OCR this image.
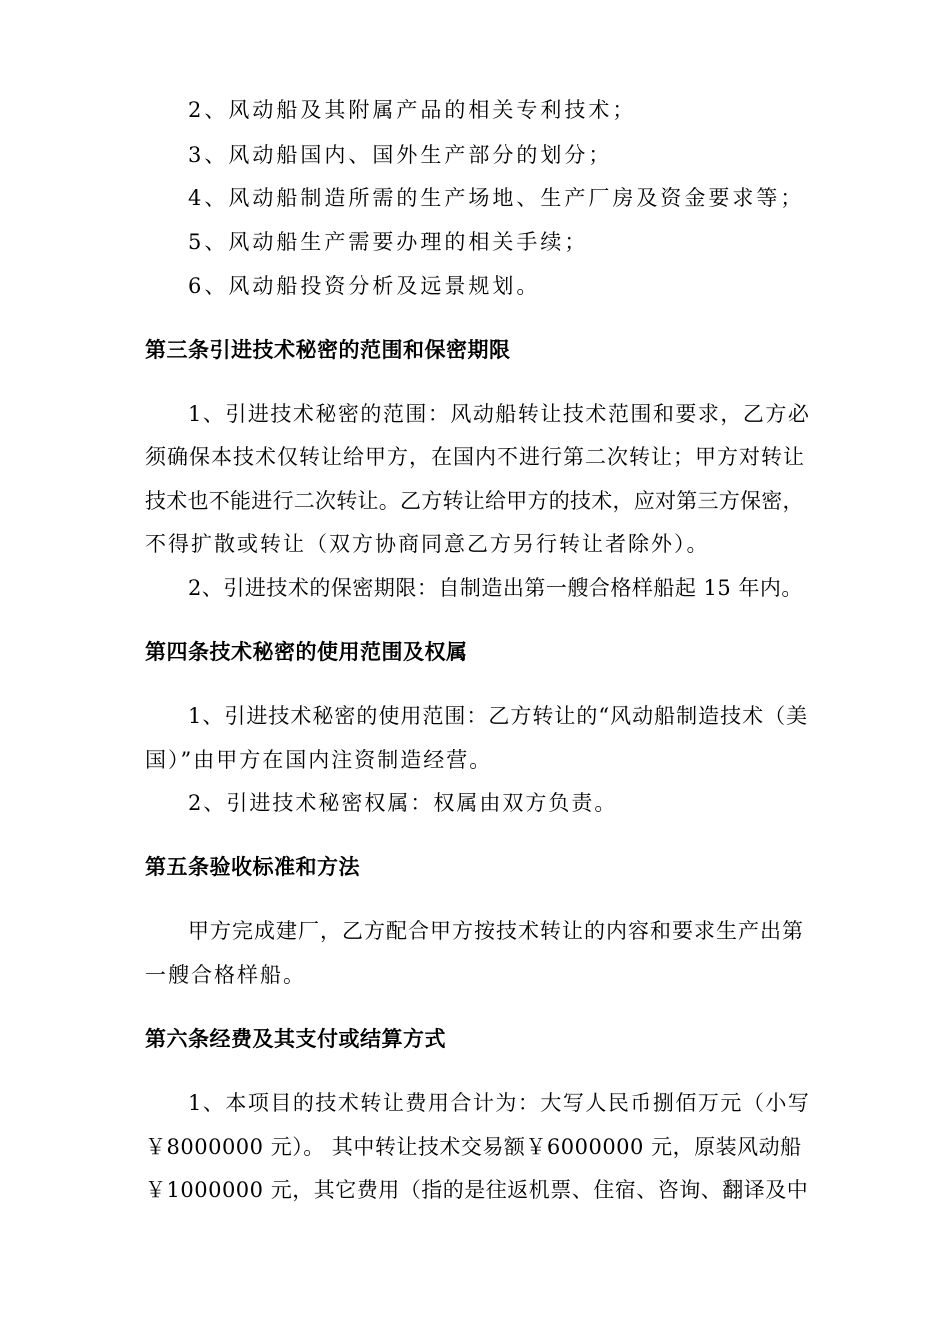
2、风动船及其附属产品的相关专利技术；
3、风动船国内、国外生产部分的划分；
4、风动船制造所需的生产场地、生产厂房及资金要求等；
5、风动船生产需要办理的相关手续；
6、风动船投资分析及远景规划。
第三条引进技术秘密的范围和保密期限
1、引进技术秘密的范围：风动船转让技术范围和要求，乙方必
须确保本技术仅转让给甲方，在国内不进行第二次转让；甲方对转让
技术也不能进行二次转让。乙方转让给甲方的技术，应对第三方保密，
不得扩散或转让（双方协商同意乙方另行转让者除外）。
2、引进技术的保密期限：自制造出第一艘合格样船起 15 年内。
第四条技术秘密的使用范围及权属
1、引进技术秘密的使用范围：乙方转让的“风动船制造技术（美
国）”由甲方在国内注资制造经营。
2、引进技术秘密权属：权属由双方负责。
第五条验收标准和方法
甲方完成建厂，乙方配合甲方按技术转让的内容和要求生产出第
一艘合格样船。
第六条经费及其支付或结算方式
1、本项目的技术转让费用合计为：大写人民币捌佰万元（小写
￥8000000 元）。 其中转让技术交易额￥6000000 元，原装风动船
￥1000000 元，其它费用（指的是往返机票、住宿、咨询、翻译及中
